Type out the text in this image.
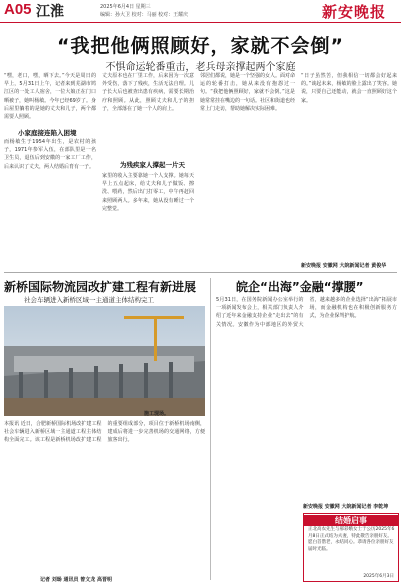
A05 江淮	2025年6月4日 星期三
编辑：孙大卫 校对：马丽 校对：王耀庆	新安晚报
“我把他俩照顾好，家就不会倒”
不惧命运轮番重击，老兵母亲撑起两个家庭
“嘿，老口，嘿，晒下去。”今天是周日的早上，5月31日上午，记者来到芜湖市鸠江区的一处工人宿舍，一位大娘正在门口晒被子，她叫杨敏。今年已经69岁了。身后屋里躺着的是她的丈夫和儿子，两个都需要人照顾。
小家庭接连陷入困境
而杨敏生于1954年出生，是农村的孩子，1971年参军入伍，在部队里是一名卫生员，退伍后到安徽的一家工厂工作，后来认识了丈夫，两人结婚后育有一子。
丈夫原本也在厂里工作，后来因为一次意外受伤，落下了残疾，生活无法自理。儿子长大后也被查出患有疾病，需要长期治疗和照顾。从此，照顾丈夫和儿子的担子，全部落在了她一个人的肩上。
为残疾家人撑起一片天
家里的收入主要靠她一个人支撑。她每天早上五点起床，给丈夫和儿子做饭、擦洗、喂药，然后出门打零工，中午再赶回来照顾两人。多年来，她从没有睡过一个完整觉。
邻居们都说，她是一个坚强的女人。面对命运的轮番打击，她从来没有抱怨过一句。“我把他俩照顾好，家就不会倒。”这是她常常挂在嘴边的一句话。社区和街道也经常上门走访，帮助她解决实际困难。
“日子虽然苦，但我相信一切都会好起来的。”谈起未来，杨敏的脸上露出了笑容。她说，只要自己还能动，就会一直照顾好这个家。
新安晚报 安徽网 大皖新闻记者 黄俊华
新桥国际物流园改扩建工程有新进展
社会车辆进入新桥区域一主通道主体结构完工
施工现场。
本报讯 近日，合肥新桥国际机场改扩建工程社会车辆进入新桥区域一主通道工程主体结构全面完工。该工程是新桥机场改扩建工程的重要组成部分，项目位于新桥机场南侧，建成后将进一步完善机场的交通网络，方便旅客出行。
记者 刘旸 通讯员 曾文龙 高晋明
皖企“出海”金融“撑腰”
5月31日，在国务院新闻办公室举行的一项新闻发布会上，相关部门负责人介绍了近年来金融支持企业“走出去”的有关情况。安徽作为中部地区的外贸大省，越来越多的企业选择“出海”拓展市场，而金融机构也在积极创新服务方式，为企业保驾护航。
新安晚报 安徽网 大皖新闻记者 李乾坤
结婚启事
正北高农先生与郝彩娥女士于公历2025年6月8日正式结为夫妻，特此敬告亲朋好友。愿白首偕老，永结同心。恭请各位亲朋好友届时光临。
2025年6月3日
